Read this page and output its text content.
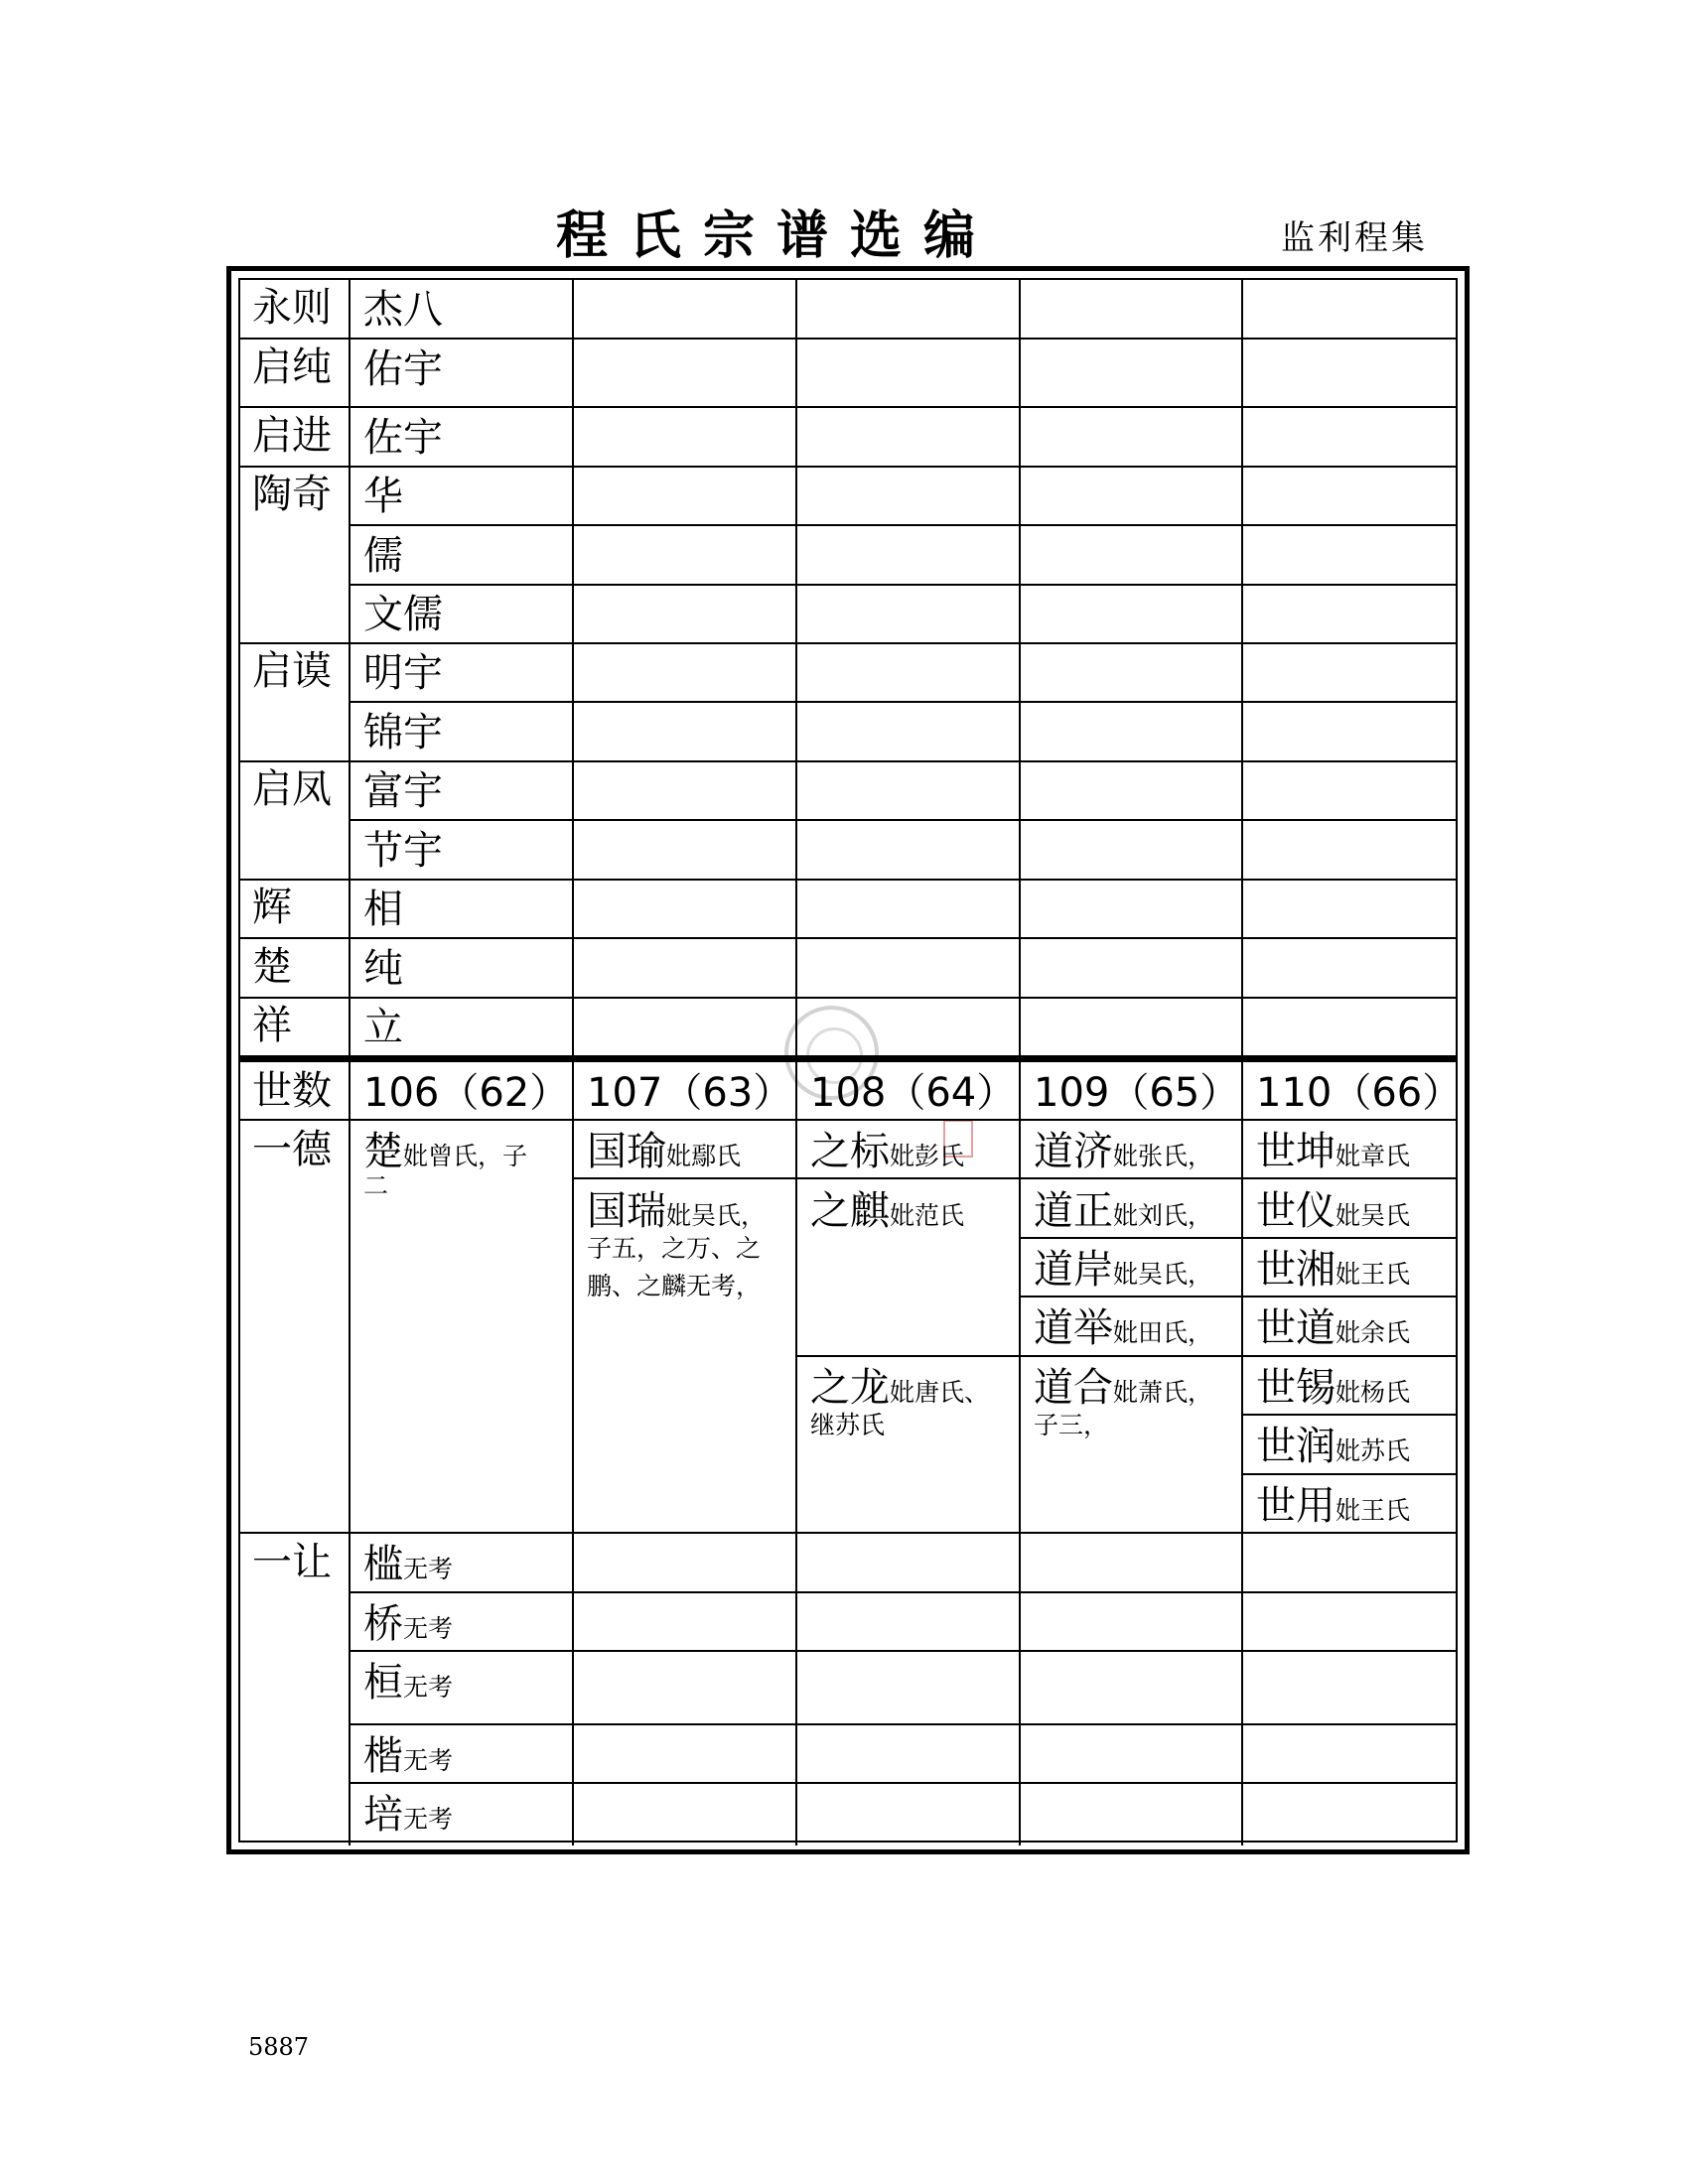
程氏宗谱选编	监利程集
永则 杰八
启纯 佑宇
启进 佐宇
陶奇 华
儒
文儒
启谟 明宇
锦宇
启凤 富宇
节宇
辉 相
楚 纯
祥 立
世数 106（62） 107（63） 108（64） 109（65） 110（66）
一德 楚妣曾氏，子
二
国瑜妣鄢氏
国瑞妣吴氏，
子五，之万、之
鹏、之麟无考，
之标妣彭氏
之麒妣范氏
之龙妣唐氏、
继苏氏
道济妣张氏，
道正妣刘氏，
道岸妣吴氏，
道举妣田氏，
道合妣萧氏，
子三，
世坤妣章氏
世仪妣吴氏
世湘妣王氏
世道妣余氏
世锡妣杨氏
世润妣苏氏
世用妣王氏
一让 槛无考
桥无考
桓无考
楷无考
培无考
5887
